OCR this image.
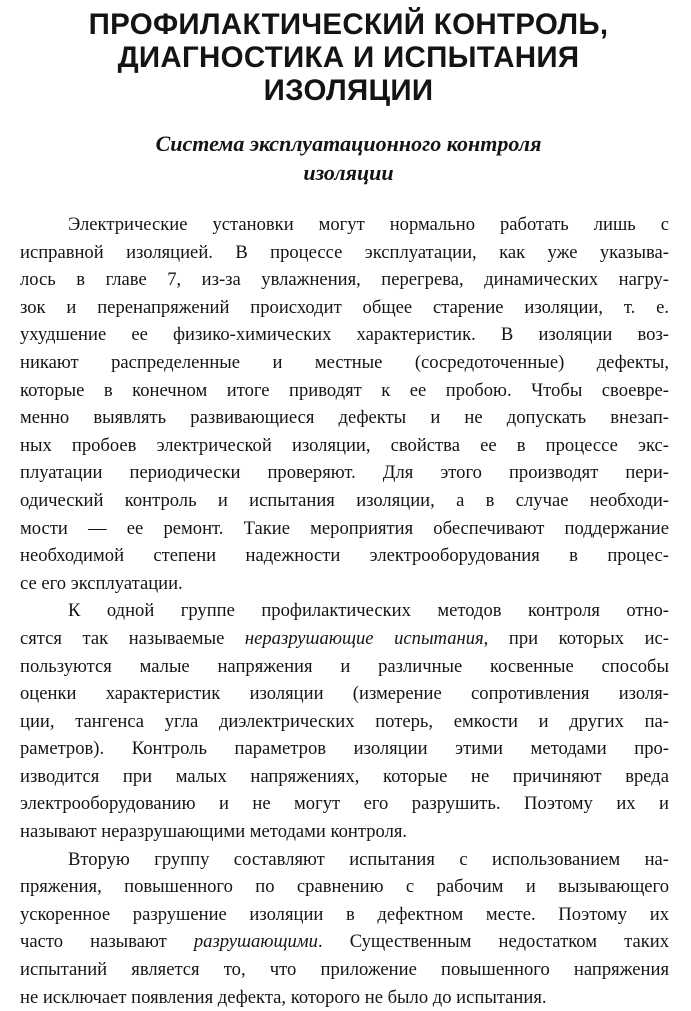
ПРОФИЛАКТИЧЕСКИЙ КОНТРОЛЬ,
ДИАГНОСТИКА И ИСПЫТАНИЯ
ИЗОЛЯЦИИ
Система эксплуатационного контроля
изоляции

Электрические установки могут нормально работать лишь с
исправной изоляцией. В процессе эксплуатации, как уже указыва-
лось в главе 7, из-за увлажнения, перегрева, динамических нагру-
зок и перенапряжений происходит общее старение изоляции, т. е.
ухудшение ее физико-химических характеристик. В изоляции воз-
никают распределенные и местные (сосредоточенные) дефекты,
которые в конечном итоге приводят к ее пробою. Чтобы своевре-
менно выявлять развивающиеся дефекты и не допускать внезап-
ных пробоев электрической изоляции, свойства ее в процессе экс-
плуатации периодически проверяют. Для этого производят пери-
одический контроль и испытания изоляции, а в случае необходи-
мости — ее ремонт. Такие мероприятия обеспечивают поддержание
необходимой степени надежности электрооборудования в процес-
се его эксплуатации.

К одной группе профилактических методов контроля отно-
сятся так называемые неразрушающие испытания, при которых ис-
пользуются малые напряжения и различные косвенные способы
оценки характеристик изоляции (измерение сопротивления изоля-
ции, тангенса угла диэлектрических потерь, емкости и других па-
раметров). Контроль параметров изоляции этими методами про-
изводится при малых напряжениях, которые не причиняют вреда
электрооборудованию и не могут его разрушить. Поэтому их и
называют неразрушающими методами контроля.

Вторую группу составляют испытания с использованием на-
пряжения, повышенного по сравнению с рабочим и вызывающего
ускоренное разрушение изоляции в дефектном месте. Поэтому их
часто называют разрушающими. Существенным недостатком таких
испытаний является то, что приложение повышенного напряжения
не исключает появления дефекта, которого не было до испытания.
